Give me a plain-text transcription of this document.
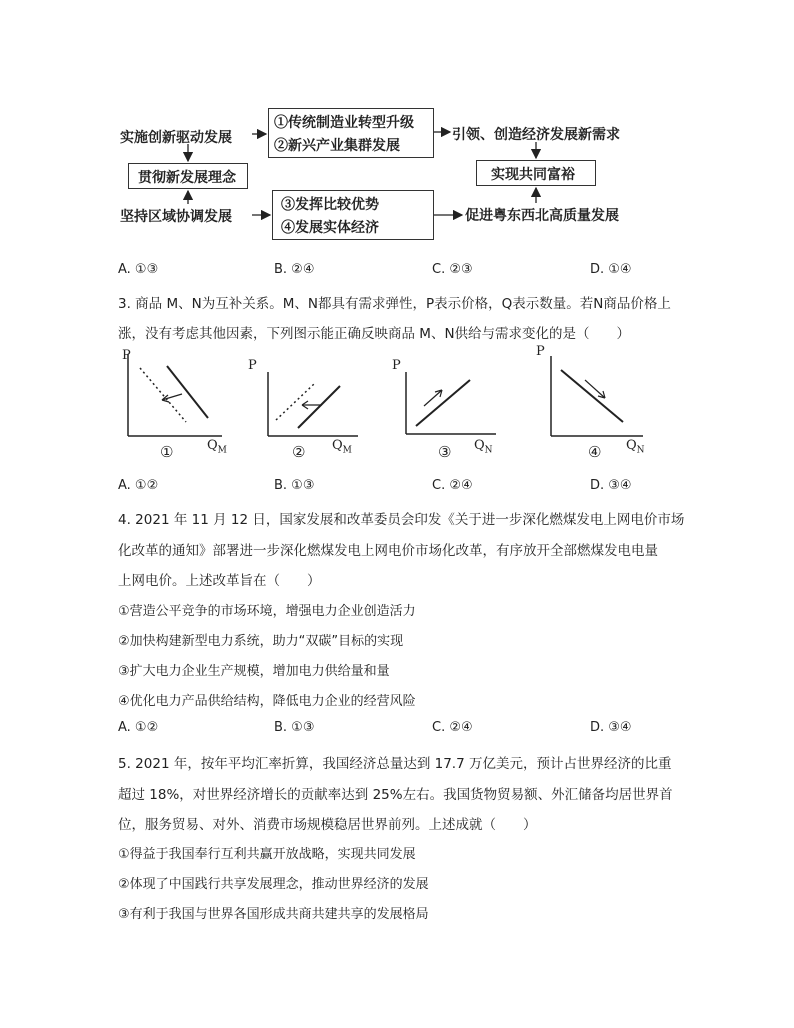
实施创新驱动发展
贯彻新发展理念
坚持区域协调发展
①传统制造业转型升级
②新兴产业集群发展
③发挥比较优势
④发展实体经济
引领、创造经济发展新需求
实现共同富裕
促进粤东西北高质量发展
A. ①③	B. ②④	C. ②③	D. ①④
3. 商品 M、N为互补关系。M、N都具有需求弹性，P表示价格，Q表示数量。若N商品价格上
涨，没有考虑其他因素，下列图示能正确反映商品 M、N供给与需求变化的是（　　）
P
$Q_M$
①
P
$Q_M$
②
P
$Q_N$
③
P
$Q_N$
④
A. ①②	B. ①③	C. ②④	D. ③④
4. 2021 年 11 月 12 日，国家发展和改革委员会印发《关于进一步深化燃煤发电上网电价市场
化改革的通知》部署进一步深化燃煤发电上网电价市场化改革，有序放开全部燃煤发电电量
上网电价。上述改革旨在（　　）
①营造公平竞争的市场环境，增强电力企业创造活力
②加快构建新型电力系统，助力“双碳”目标的实现
③扩大电力企业生产规模，增加电力供给量和量
④优化电力产品供给结构，降低电力企业的经营风险
A. ①②	B. ①③	C. ②④	D. ③④
5. 2021 年，按年平均汇率折算，我国经济总量达到 17.7 万亿美元，预计占世界经济的比重
超过 18%，对世界经济增长的贡献率达到 25%左右。我国货物贸易额、外汇储备均居世界首
位，服务贸易、对外、消费市场规模稳居世界前列。上述成就（　　）
①得益于我国奉行互利共赢开放战略，实现共同发展
②体现了中国践行共享发展理念，推动世界经济的发展
③有利于我国与世界各国形成共商共建共享的发展格局
